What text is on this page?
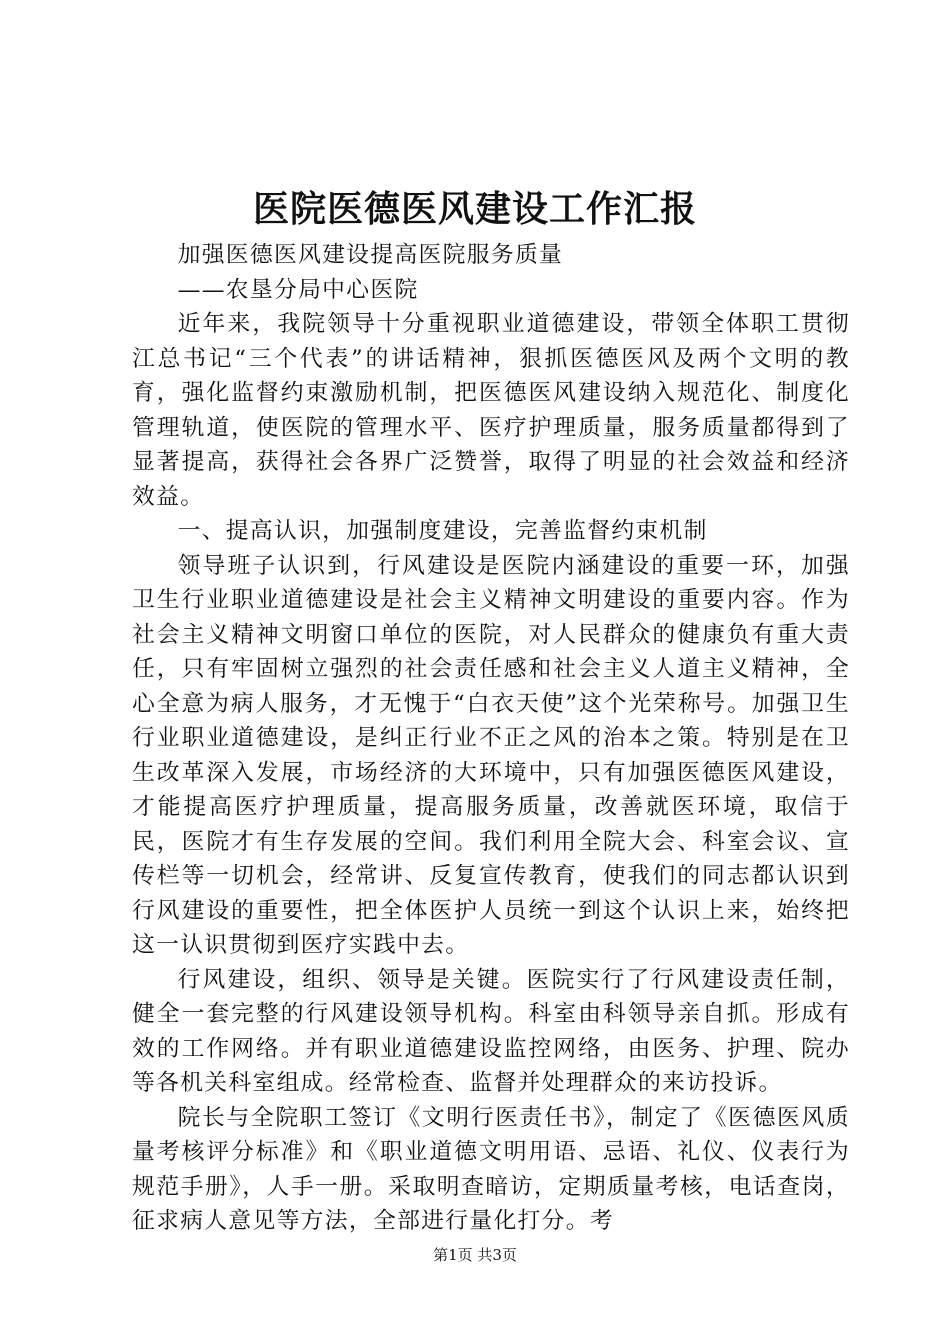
医院医德医风建设工作汇报

加强医德医风建设提高医院服务质量

——农垦分局中心医院

近年来，我院领导十分重视职业道德建设，带领全体职工贯彻江总书记“三个代表”的讲话精神，狠抓医德医风及两个文明的教育，强化监督约束激励机制，把医德医风建设纳入规范化、制度化管理轨道，使医院的管理水平、医疗护理质量，服务质量都得到了显著提高，获得社会各界广泛赞誉，取得了明显的社会效益和经济效益。

一、提高认识，加强制度建设，完善监督约束机制

领导班子认识到，行风建设是医院内涵建设的重要一环，加强卫生行业职业道德建设是社会主义精神文明建设的重要内容。作为社会主义精神文明窗口单位的医院，对人民群众的健康负有重大责任，只有牢固树立强烈的社会责任感和社会主义人道主义精神，全心全意为病人服务，才无愧于“白衣天使”这个光荣称号。加强卫生行业职业道德建设，是纠正行业不正之风的治本之策。特别是在卫生改革深入发展，市场经济的大环境中，只有加强医德医风建设，才能提高医疗护理质量，提高服务质量，改善就医环境，取信于民，医院才有生存发展的空间。我们利用全院大会、科室会议、宣传栏等一切机会，经常讲、反复宣传教育，使我们的同志都认识到行风建设的重要性，把全体医护人员统一到这个认识上来，始终把这一认识贯彻到医疗实践中去。

行风建设，组织、领导是关键。医院实行了行风建设责任制，健全一套完整的行风建设领导机构。科室由科领导亲自抓。形成有效的工作网络。并有职业道德建设监控网络，由医务、护理、院办等各机关科室组成。经常检查、监督并处理群众的来访投诉。

院长与全院职工签订《文明行医责任书》，制定了《医德医风质量考核评分标准》和《职业道德文明用语、忌语、礼仪、仪表行为规范手册》，人手一册。采取明查暗访，定期质量考核，电话查岗，征求病人意见等方法，全部进行量化打分。考

第1页 共3页
